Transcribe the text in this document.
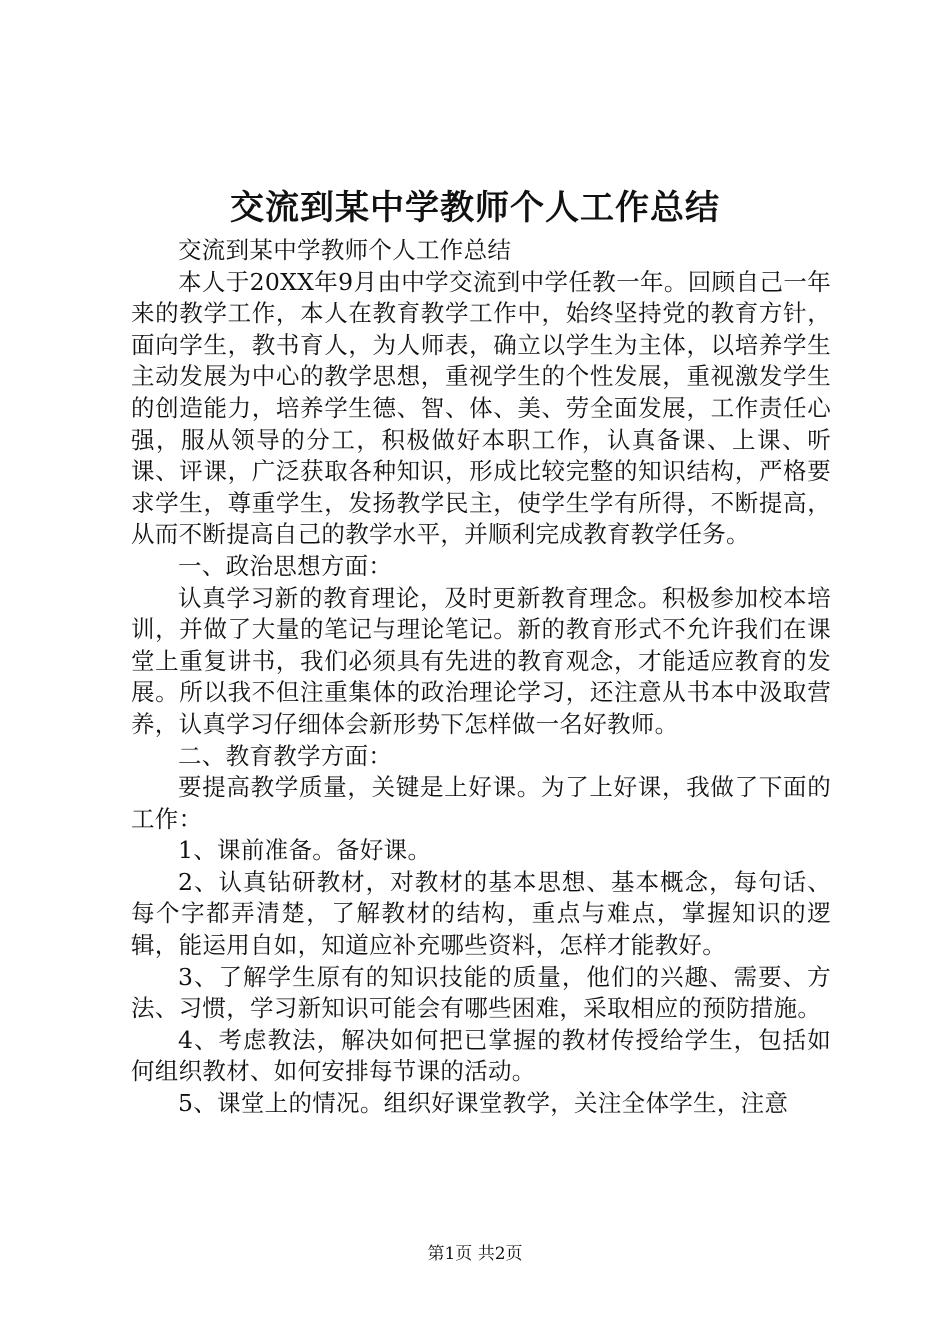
交流到某中学教师个人工作总结

交流到某中学教师个人工作总结

本人于20XX年9月由中学交流到中学任教一年。回顾自己一年来的教学工作，本人在教育教学工作中，始终坚持党的教育方针，面向学生，教书育人，为人师表，确立以学生为主体，以培养学生主动发展为中心的教学思想，重视学生的个性发展，重视激发学生的创造能力，培养学生德、智、体、美、劳全面发展，工作责任心强，服从领导的分工，积极做好本职工作，认真备课、上课、听课、评课，广泛获取各种知识，形成比较完整的知识结构，严格要求学生，尊重学生，发扬教学民主，使学生学有所得，不断提高，从而不断提高自己的教学水平，并顺利完成教育教学任务。

一、政治思想方面：

认真学习新的教育理论，及时更新教育理念。积极参加校本培训，并做了大量的笔记与理论笔记。新的教育形式不允许我们在课堂上重复讲书，我们必须具有先进的教育观念，才能适应教育的发展。所以我不但注重集体的政治理论学习，还注意从书本中汲取营养，认真学习仔细体会新形势下怎样做一名好教师。

二、教育教学方面：

要提高教学质量，关键是上好课。为了上好课，我做了下面的工作：

1、课前准备。备好课。

2、认真钻研教材，对教材的基本思想、基本概念，每句话、每个字都弄清楚，了解教材的结构，重点与难点，掌握知识的逻辑，能运用自如，知道应补充哪些资料，怎样才能教好。

3、了解学生原有的知识技能的质量，他们的兴趣、需要、方法、习惯，学习新知识可能会有哪些困难，采取相应的预防措施。

4、考虑教法，解决如何把已掌握的教材传授给学生，包括如何组织教材、如何安排每节课的活动。

5、课堂上的情况。组织好课堂教学，关注全体学生，注意

第1页 共2页
